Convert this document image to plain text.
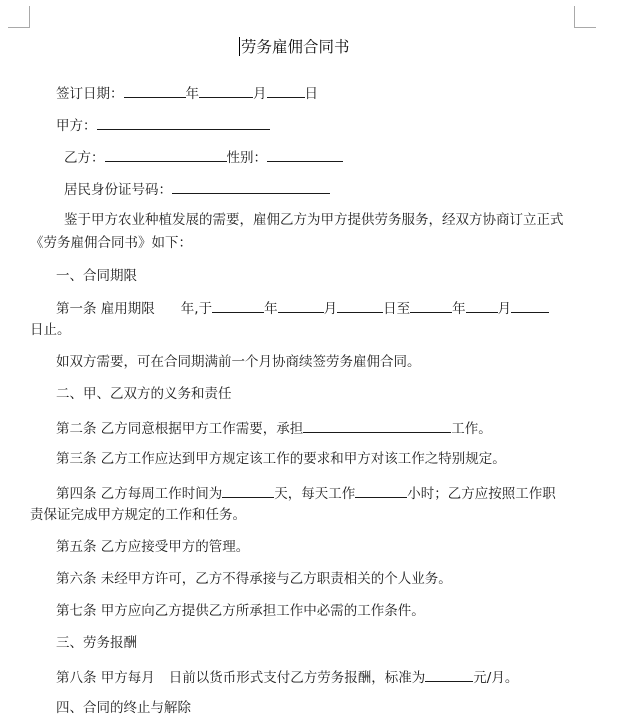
劳务雇佣合同书
签订日期：	年	月	日
甲方：
乙方：	性别：
居民身份证号码：
鉴于甲方农业种植发展的需要，雇佣乙方为甲方提供劳务服务，经双方协商订立正式
《劳务雇佣合同书》如下：
一、合同期限
第一条 雇用期限 年,于	年	月	日至	年 月
日止。
如双方需要，可在合同期满前一个月协商续签劳务雇佣合同。
二、甲、乙双方的义务和责任
第二条 乙方同意根据甲方工作需要，承担	工作。
第三条 乙方工作应达到甲方规定该工作的要求和甲方对该工作之特别规定。
第四条 乙方每周工作时间为	天，每天工作	小时；乙方应按照工作职
责保证完成甲方规定的工作和任务。
第五条 乙方应接受甲方的管理。
第六条 未经甲方许可，乙方不得承接与乙方职责相关的个人业务。
第七条 甲方应向乙方提供乙方所承担工作中必需的工作条件。
三、劳务报酬
第八条 甲方每月 日前以货币形式支付乙方劳务报酬，标准为	元/月。
四、合同的终止与解除
